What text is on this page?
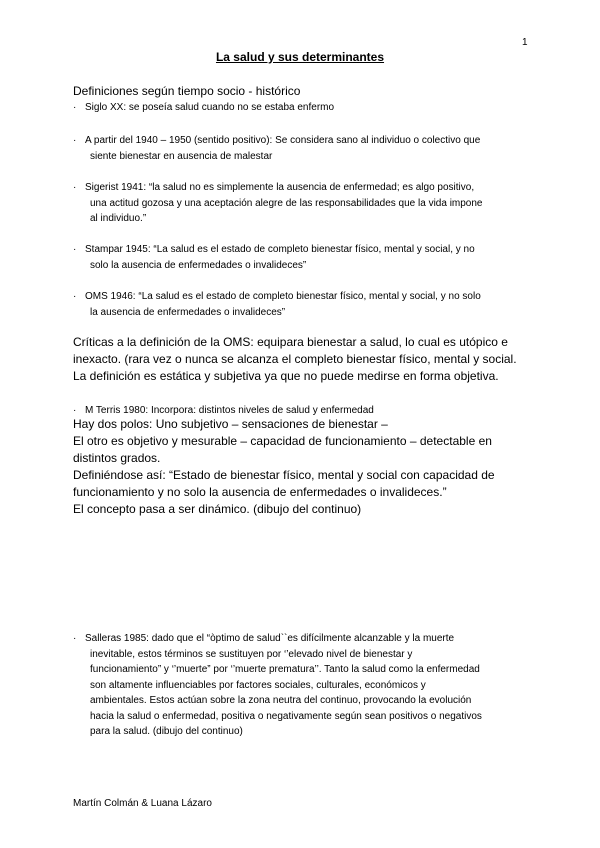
1
La salud y sus determinantes
Definiciones según tiempo socio - histórico
· Siglo XX: se poseía salud cuando no se estaba enfermo
· A partir del 1940 – 1950 (sentido positivo): Se considera sano al individuo o colectivo que
siente bienestar en ausencia de malestar
· Sigerist 1941: “la salud no es simplemente la ausencia de enfermedad; es algo positivo,
una actitud gozosa y una aceptación alegre de las responsabilidades que la vida impone
al individuo.”
· Stampar 1945: “La salud es el estado de completo bienestar físico, mental y social, y no
solo la ausencia de enfermedades o invalideces”
· OMS 1946: “La salud es el estado de completo bienestar físico, mental y social, y no solo
la ausencia de enfermedades o invalideces”

Críticas a la definición de la OMS: equipara bienestar a salud, lo cual es utópico e

inexacto. (rara vez o nunca se alcanza el completo bienestar físico, mental y social.

La definición es estática y subjetiva ya que no puede medirse en forma objetiva.

· M Terris 1980: Incorpora: distintos niveles de salud y enfermedad

Hay dos polos: Uno subjetivo – sensaciones de bienestar –

El otro es objetivo y mesurable – capacidad de funcionamiento – detectable en

distintos grados.

Definiéndose así: “Estado de bienestar físico, mental y social con capacidad de

funcionamiento y no solo la ausencia de enfermedades o invalideces.”

El concepto pasa a ser dinámico. (dibujo del continuo)

· Salleras 1985: dado que el “òptimo de salud``es difícilmente alcanzable y la muerte
inevitable, estos términos se sustituyen por ‘’elevado nivel de bienestar y
funcionamiento” y ‘’muerte” por ‘’muerte prematura’’. Tanto la salud como la enfermedad
son altamente influenciables por factores sociales, culturales, económicos y
ambientales. Estos actúan sobre la zona neutra del continuo, provocando la evolución
hacia la salud o enfermedad, positiva o negativamente según sean positivos o negativos
para la salud. (dibujo del continuo)
Martín Colmán & Luana Lázaro
